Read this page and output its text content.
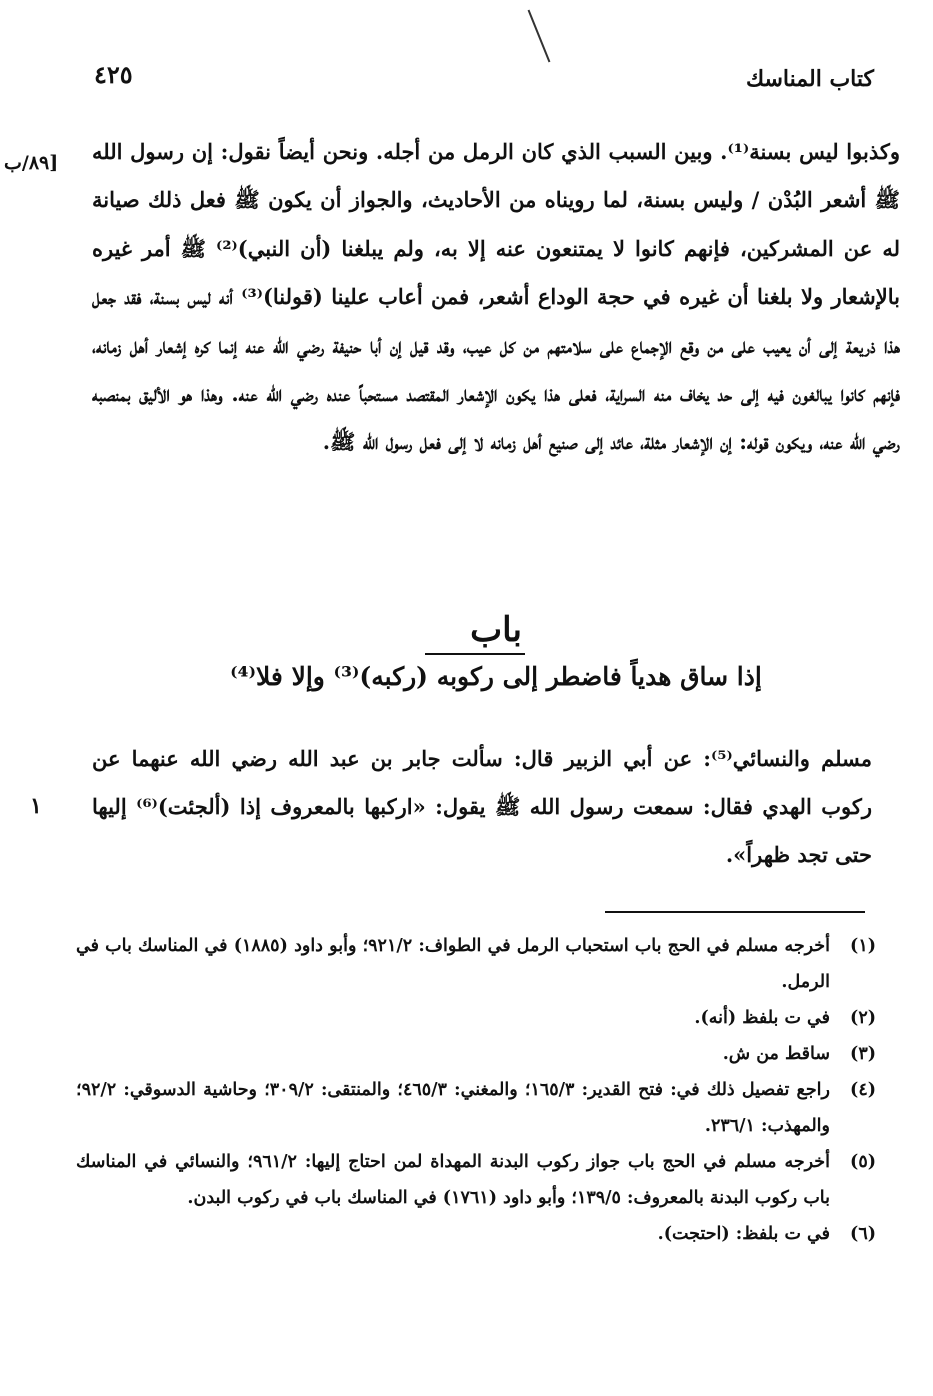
٤٢٥	كتاب المناسك
[٨٩/ب
١

وكذبوا ليس بسنة⁽¹⁾. وبين السبب الذي كان الرمل من أجله. ونحن أيضاً نقول: إن رسول الله ﷺ أشعر البُدْن / وليس بسنة، لما رويناه من الأحاديث، والجواز أن يكون ﷺ فعل ذلك صيانة له عن المشركين، فإنهم كانوا لا يمتنعون عنه إلا به، ولم يبلغنا (أن النبي)⁽²⁾ ﷺ أمر غيره بالإشعار ولا بلغنا أن غيره في حجة الوداع أشعر، فمن أعاب علينا (قولنا)⁽³⁾ أنه ليس بسنة، فقد جعل هذا ذريعة إلى أن يعيب على من وقع الإجماع على سلامتهم من كل عيب، وقد قيل إن أبا حنيفة رضي الله عنه إنما كره إشعار أهل زمانه، فإنهم كانوا يبالغون فيه إلى حد يخاف منه السراية، فعلى هذا يكون الإشعار المقتصد مستحباً عنده رضي الله عنه. وهذا هو الأليق بمنصبه رضي الله عنه، ويكون قوله: إن الإشعار مثلة، عائد إلى صنيع أهل زمانه لا إلى فعل رسول الله ﷺ.

باب
إذا ساق هدياً فاضطر إلى ركوبه (ركبه)⁽³⁾ وإلا فلا⁽⁴⁾

مسلم والنسائي⁽⁵⁾: عن أبي الزبير قال: سألت جابر بن عبد الله رضي الله عنهما عن ركوب الهدي فقال: سمعت رسول الله ﷺ يقول: «اركبها بالمعروف إذا (ألجئت)⁽⁶⁾ إليها حتى تجد ظهراً».

(١)
أخرجه مسلم في الحج باب استحباب الرمل في الطواف: ٩٢١/٢؛ وأبو داود (١٨٨٥) في المناسك باب في الرمل.
(٢)
في ت بلفظ (أنه).
(٣)
ساقط من ش.
(٤)
راجع تفصيل ذلك في: فتح القدير: ١٦٥/٣؛ والمغني: ٤٦٥/٣؛ والمنتقى: ٣٠٩/٢؛ وحاشية الدسوقي: ٩٢/٢؛ والمهذب: ٢٣٦/١.
(٥)
أخرجه مسلم في الحج باب جواز ركوب البدنة المهداة لمن احتاج إليها: ٩٦١/٢؛ والنسائي في المناسك باب ركوب البدنة بالمعروف: ١٣٩/٥؛ وأبو داود (١٧٦١) في المناسك باب في ركوب البدن.
(٦)
في ت بلفظ: (احتجت).
